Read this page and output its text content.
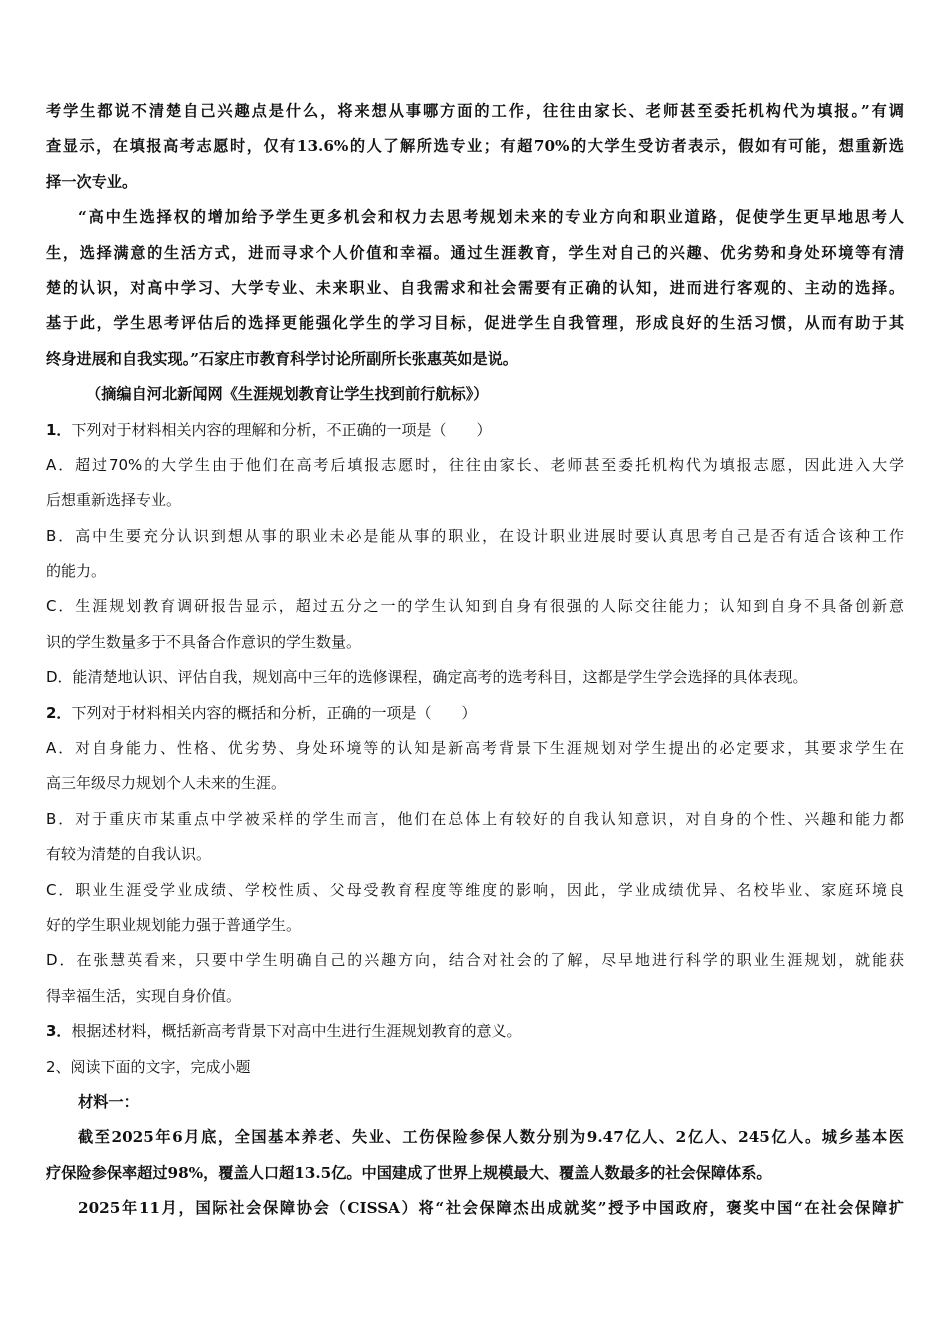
考学生都说不清楚自己兴趣点是什么，将来想从事哪方面的工作，往往由家长、老师甚至委托机构代为填报。”有调
查显示，在填报高考志愿时，仅有13.6%的人了解所选专业；有超70%的大学生受访者表示，假如有可能，想重新选
择一次专业。
“高中生选择权的增加给予学生更多机会和权力去思考规划未来的专业方向和职业道路，促使学生更早地思考人
生，选择满意的生活方式，进而寻求个人价值和幸福。通过生涯教育，学生对自己的兴趣、优劣势和身处环境等有清
楚的认识，对高中学习、大学专业、未来职业、自我需求和社会需要有正确的认知，进而进行客观的、主动的选择。
基于此，学生思考评估后的选择更能强化学生的学习目标，促进学生自我管理，形成良好的生活习惯，从而有助于其
终身进展和自我实现。”石家庄市教育科学讨论所副所长张惠英如是说。
（摘编自河北新闻网《生涯规划教育让学生找到前行航标》）
1．下列对于材料相关内容的理解和分析，不正确的一项是（　　）
A．超过70%的大学生由于他们在高考后填报志愿时，往往由家长、老师甚至委托机构代为填报志愿，因此进入大学
后想重新选择专业。
B．高中生要充分认识到想从事的职业未必是能从事的职业，在设计职业进展时要认真思考自己是否有适合该种工作
的能力。
C．生涯规划教育调研报告显示，超过五分之一的学生认知到自身有很强的人际交往能力；认知到自身不具备创新意
识的学生数量多于不具备合作意识的学生数量。
D．能清楚地认识、评估自我，规划高中三年的选修课程，确定高考的选考科目，这都是学生学会选择的具体表现。
2．下列对于材料相关内容的概括和分析，正确的一项是（　　）
A．对自身能力、性格、优劣势、身处环境等的认知是新高考背景下生涯规划对学生提出的必定要求，其要求学生在
高三年级尽力规划个人未来的生涯。
B．对于重庆市某重点中学被采样的学生而言，他们在总体上有较好的自我认知意识，对自身的个性、兴趣和能力都
有较为清楚的自我认识。
C．职业生涯受学业成绩、学校性质、父母受教育程度等维度的影响，因此，学业成绩优异、名校毕业、家庭环境良
好的学生职业规划能力强于普通学生。
D．在张慧英看来，只要中学生明确自己的兴趣方向，结合对社会的了解，尽早地进行科学的职业生涯规划，就能获
得幸福生活，实现自身价值。
3．根据述材料，概括新高考背景下对高中生进行生涯规划教育的意义。
2、阅读下面的文字，完成小题
材料一：
截至2025年6月底，全国基本养老、失业、工伤保险参保人数分别为9.47亿人、2亿人、245亿人。城乡基本医
疗保险参保率超过98%，覆盖人口超13.5亿。中国建成了世界上规模最大、覆盖人数最多的社会保障体系。
2025年11月，国际社会保障协会（CISSA）将“社会保障杰出成就奖”授予中国政府，褒奖中国“在社会保障扩
